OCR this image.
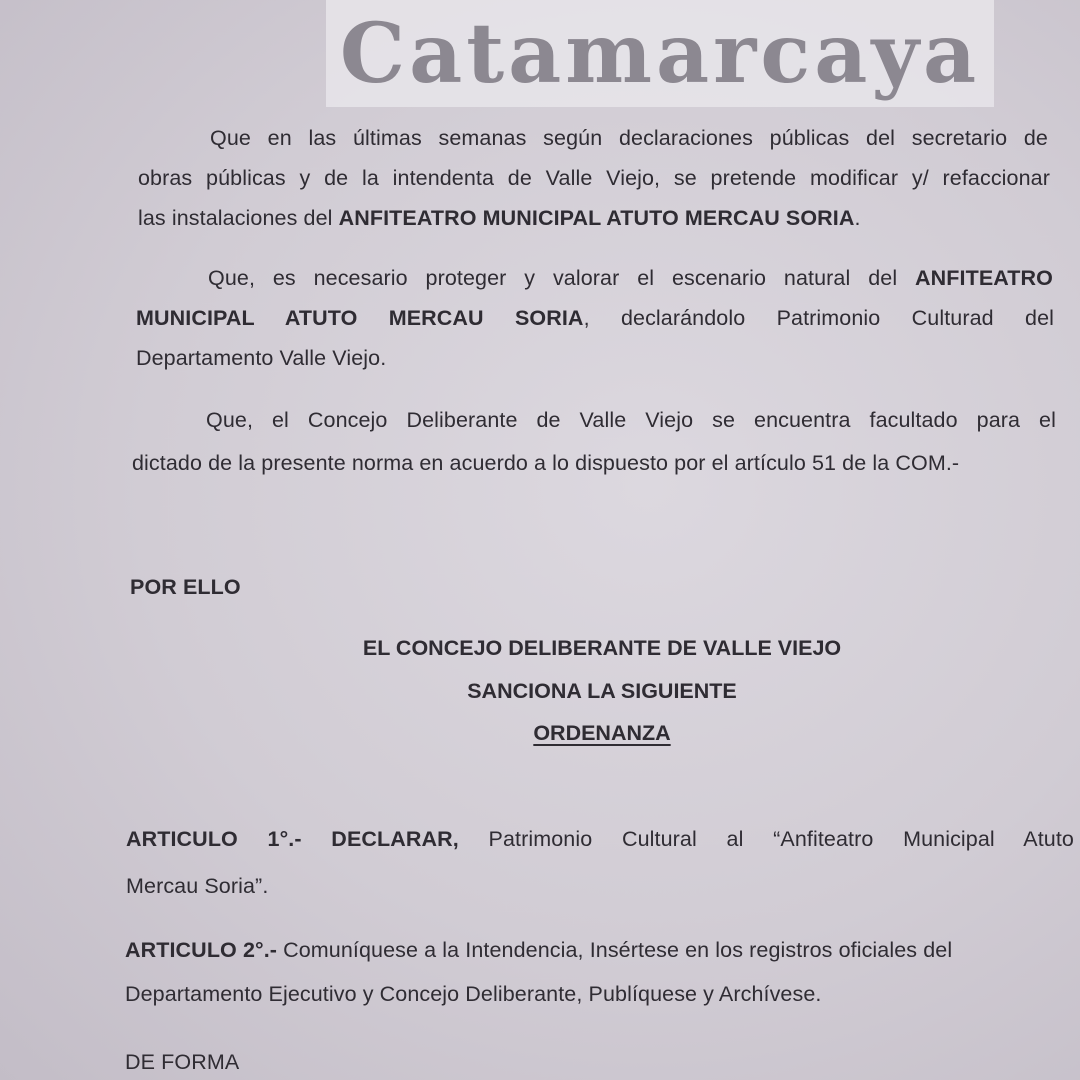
Catamarcaya
Que en las últimas semanas según declaraciones públicas del secretario de
obras públicas y de la intendenta de Valle Viejo, se pretende modificar y/ refaccionar
las instalaciones del ANFITEATRO MUNICIPAL ATUTO MERCAU SORIA.
Que, es necesario proteger y valorar el escenario natural del ANFITEATRO
MUNICIPAL ATUTO MERCAU SORIA, declarándolo Patrimonio Culturad del
Departamento Valle Viejo.
Que, el Concejo Deliberante de Valle Viejo se encuentra facultado para el
dictado de la presente norma en acuerdo a lo dispuesto por el artículo 51 de la COM.-
POR ELLO
EL CONCEJO DELIBERANTE DE VALLE VIEJO
SANCIONA LA SIGUIENTE
ORDENANZA
ARTICULO 1°.- DECLARAR, Patrimonio Cultural al “Anfiteatro Municipal Atuto
Mercau Soria”.
ARTICULO 2°.- Comuníquese a la Intendencia, Insértese en los registros oficiales del
Departamento Ejecutivo y Concejo Deliberante, Publíquese y Archívese.
DE FORMA
